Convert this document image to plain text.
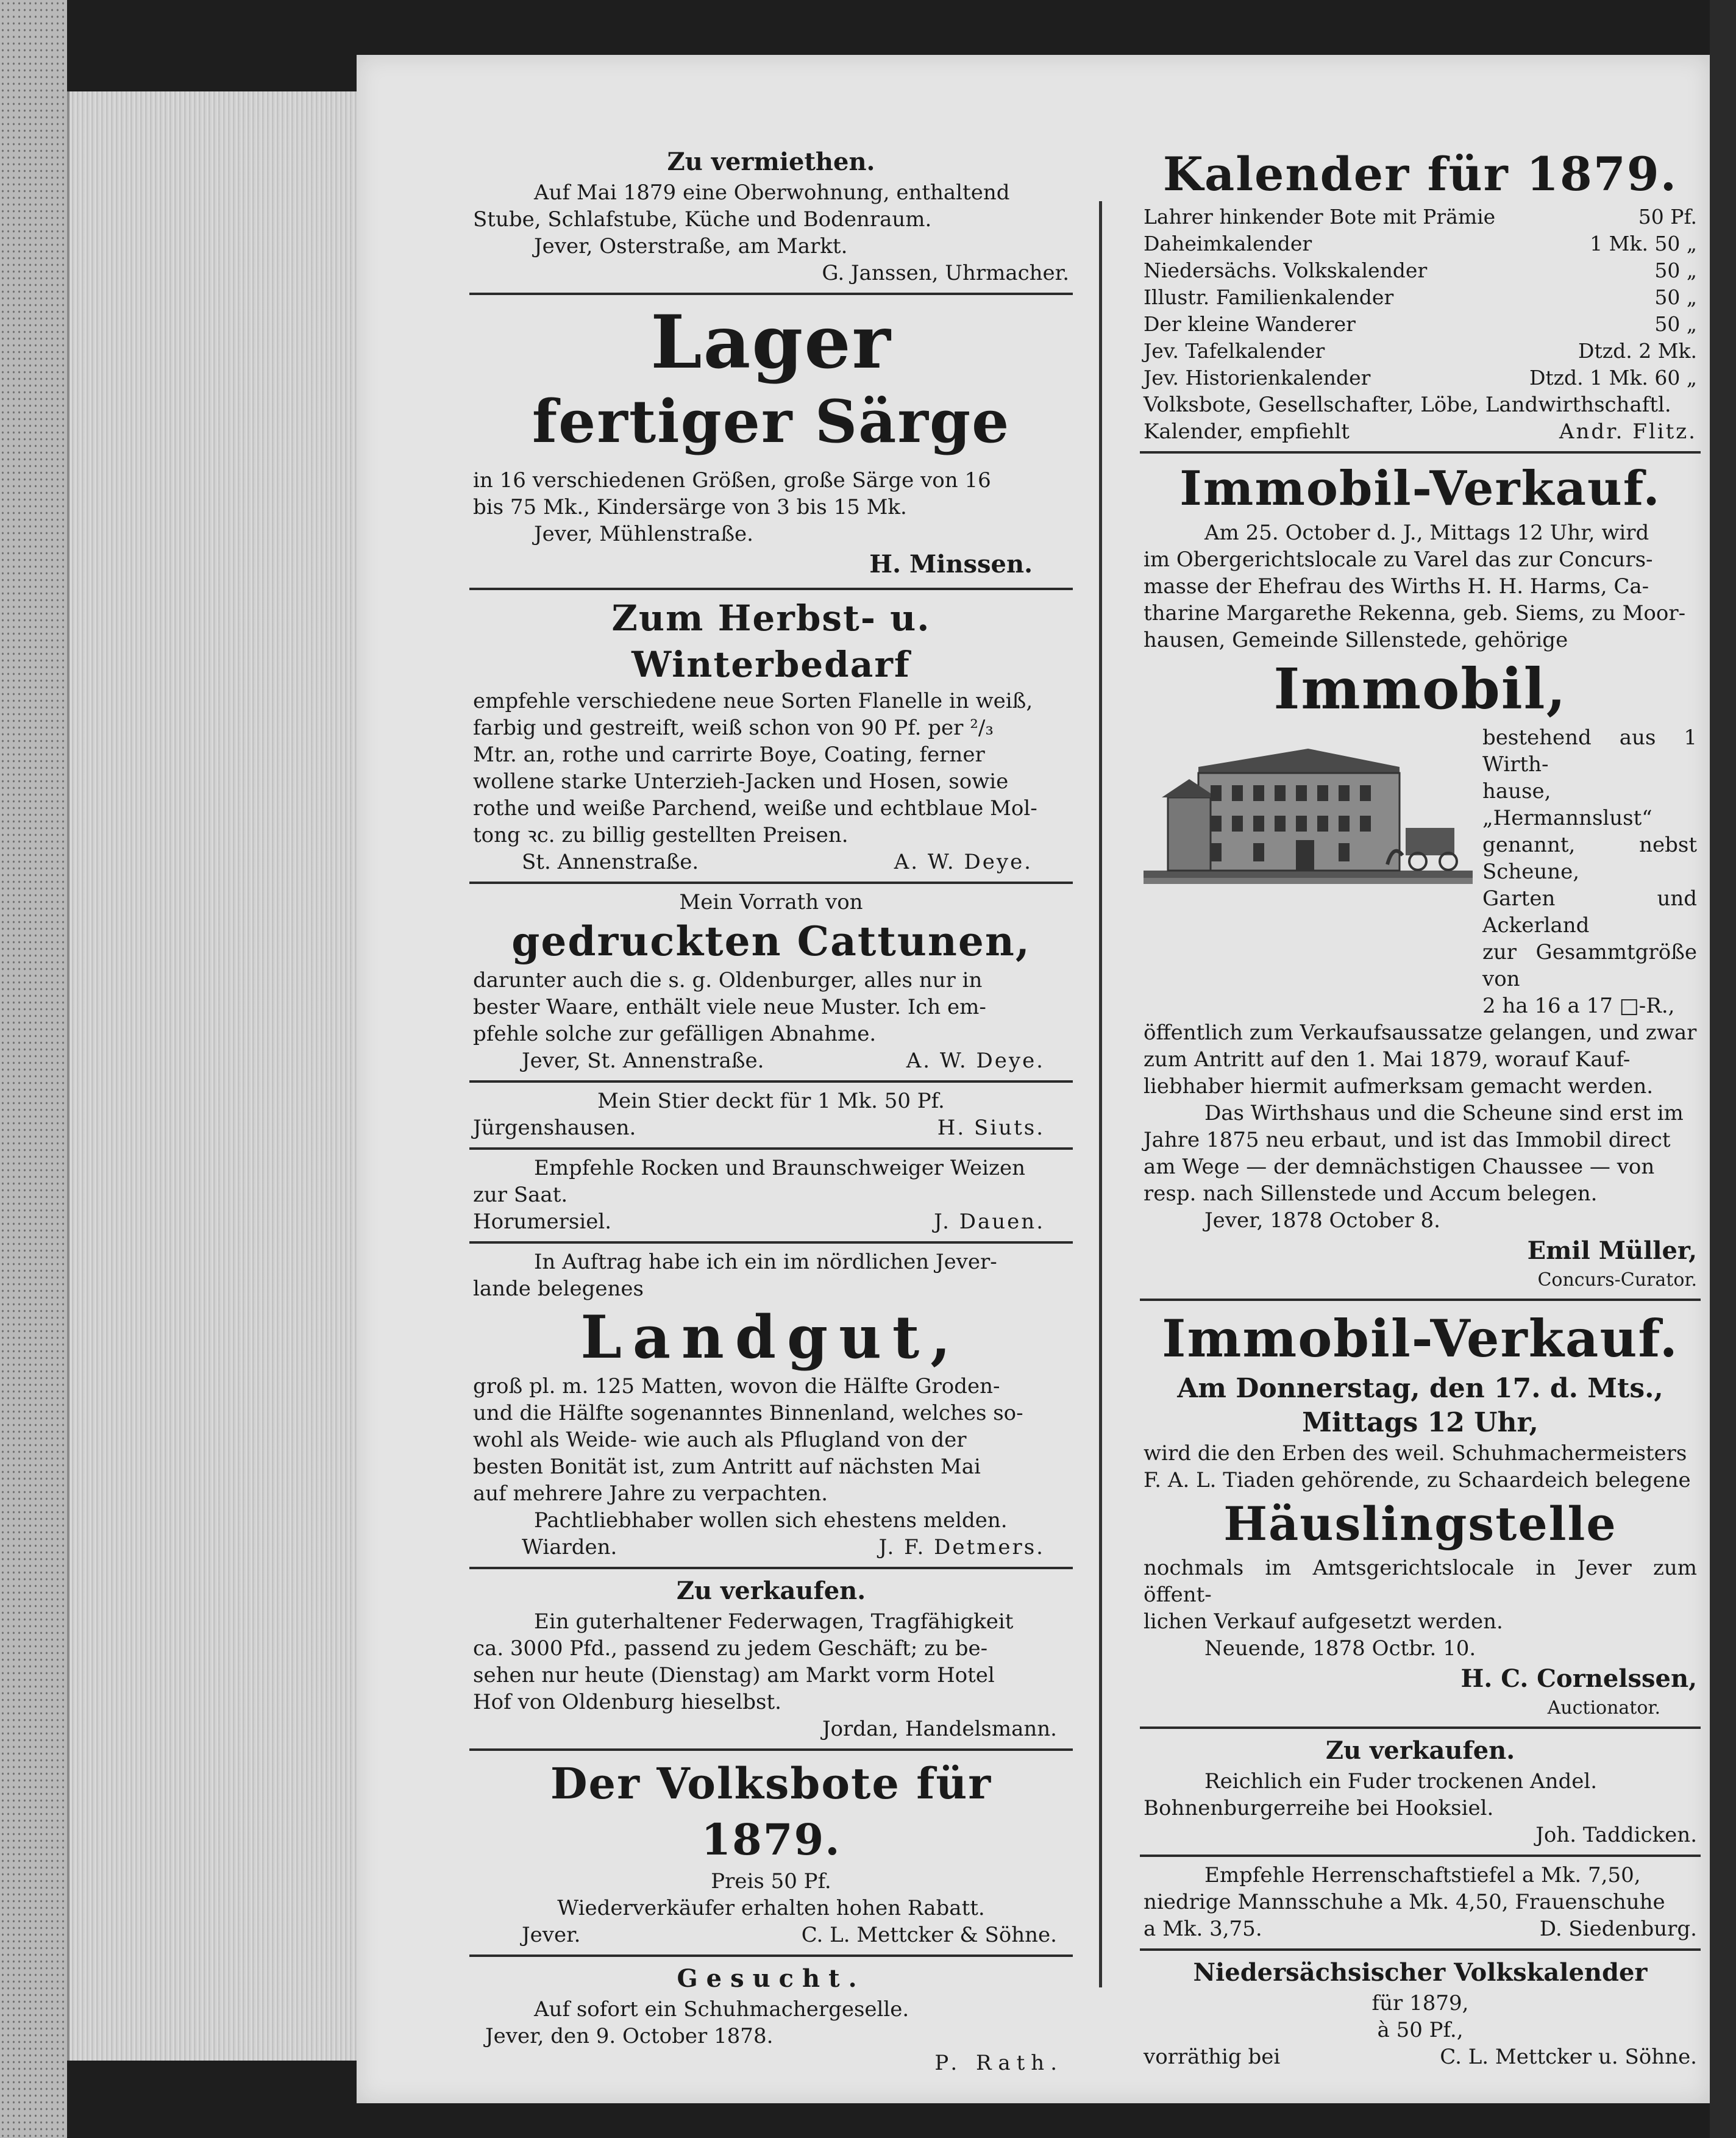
Zu vermiethen.
Auf Mai 1879 eine Oberwohnung, enthaltend
Stube, Schlafstube, Küche und Bodenraum.
Jever, Osterstraße, am Markt.
G. Janssen, Uhrmacher.
Lager
fertiger Särge
in 16 verschiedenen Größen, große Särge von 16
bis 75 Mk., Kindersärge von 3 bis 15 Mk.
Jever, Mühlenstraße.
H. Minssen.
Zum Herbst- u. Winterbedarf
empfehle verschiedene neue Sorten Flanelle in weiß,
farbig und gestreift, weiß schon von 90 Pf. per ²/₃
Mtr. an, rothe und carrirte Boye, Coating, ferner
wollene starke Unterzieh-Jacken und Hosen, sowie
rothe und weiße Parchend, weiße und echtblaue Mol-
tong ꝛc. zu billig gestellten Preisen.
St. Annenstraße.	A. W. Deye.
Mein Vorrath von
gedruckten Cattunen,
darunter auch die s. g. Oldenburger, alles nur in
bester Waare, enthält viele neue Muster. Ich em-
pfehle solche zur gefälligen Abnahme.
Jever, St. Annenstraße.	A. W. Deye.
Mein Stier deckt für 1 Mk. 50 Pf.
Jürgenshausen.	H. Siuts.
Empfehle Rocken und Braunschweiger Weizen
zur Saat.
Horumersiel.	J. Dauen.
In Auftrag habe ich ein im nördlichen Jever-
lande belegenes
Landgut,
groß pl. m. 125 Matten, wovon die Hälfte Groden-
und die Hälfte sogenanntes Binnenland, welches so-
wohl als Weide- wie auch als Pflugland von der
besten Bonität ist, zum Antritt auf nächsten Mai
auf mehrere Jahre zu verpachten.
Pachtliebhaber wollen sich ehestens melden.
Wiarden.	J. F. Detmers.
Zu verkaufen.
Ein guterhaltener Federwagen, Tragfähigkeit
ca. 3000 Pfd., passend zu jedem Geschäft; zu be-
sehen nur heute (Dienstag) am Markt vorm Hotel
Hof von Oldenburg hieselbst.
Jordan, Handelsmann.
Der Volksbote für 1879.
Preis 50 Pf.
Wiederverkäufer erhalten hohen Rabatt.
Jever.	C. L. Mettcker & Söhne.
Gesucht.
Auf sofort ein Schuhmachergeselle.
Jever, den 9. October 1878.
P. Rath.
Kalender für 1879.
Lahrer hinkender Bote mit Prämie	50 Pf.
Daheimkalender	1 Mk. 50 „
Niedersächs. Volkskalender	50 „
Illustr. Familienkalender	50 „
Der kleine Wanderer	50 „
Jev. Tafelkalender	Dtzd. 2 Mk.
Jev. Historienkalender	Dtzd. 1 Mk. 60 „
Volksbote, Gesellschafter, Löbe, Landwirthschaftl.
Kalender, empfiehlt	Andr. Flitz.
Immobil-Verkauf.
Am 25. October d. J., Mittags 12 Uhr, wird
im Obergerichtslocale zu Varel das zur Concurs-
masse der Ehefrau des Wirths H. H. Harms, Ca-
tharine Margarethe Rekenna, geb. Siems, zu Moor-
hausen, Gemeinde Sillenstede, gehörige
Immobil,
bestehend aus 1 Wirth-
hause, „Hermannslust“
genannt, nebst Scheune,
Garten und Ackerland
zur Gesammtgröße von
2 ha 16 a 17 □-R.,
öffentlich zum Verkaufsaussatze gelangen, und zwar
zum Antritt auf den 1. Mai 1879, worauf Kauf-
liebhaber hiermit aufmerksam gemacht werden.
Das Wirthshaus und die Scheune sind erst im
Jahre 1875 neu erbaut, und ist das Immobil direct
am Wege — der demnächstigen Chaussee — von
resp. nach Sillenstede und Accum belegen.
Jever, 1878 October 8.
Emil Müller,
Concurs-Curator.
Immobil-Verkauf.
Am Donnerstag, den 17. d. Mts.,
Mittags 12 Uhr,
wird die den Erben des weil. Schuhmachermeisters
F. A. L. Tiaden gehörende, zu Schaardeich belegene
Häuslingstelle
nochmals im Amtsgerichtslocale in Jever zum öffent-
lichen Verkauf aufgesetzt werden.
Neuende, 1878 Octbr. 10.
H. C. Cornelssen,
Auctionator.
Zu verkaufen.
Reichlich ein Fuder trockenen Andel.
Bohnenburgerreihe bei Hooksiel.
Joh. Taddicken.
Empfehle Herrenschaftstiefel a Mk. 7,50,
niedrige Mannsschuhe a Mk. 4,50, Frauenschuhe
a Mk. 3,75.	D. Siedenburg.
Niedersächsischer Volkskalender
für 1879,
à 50 Pf.,
vorräthig bei	C. L. Mettcker u. Söhne.
